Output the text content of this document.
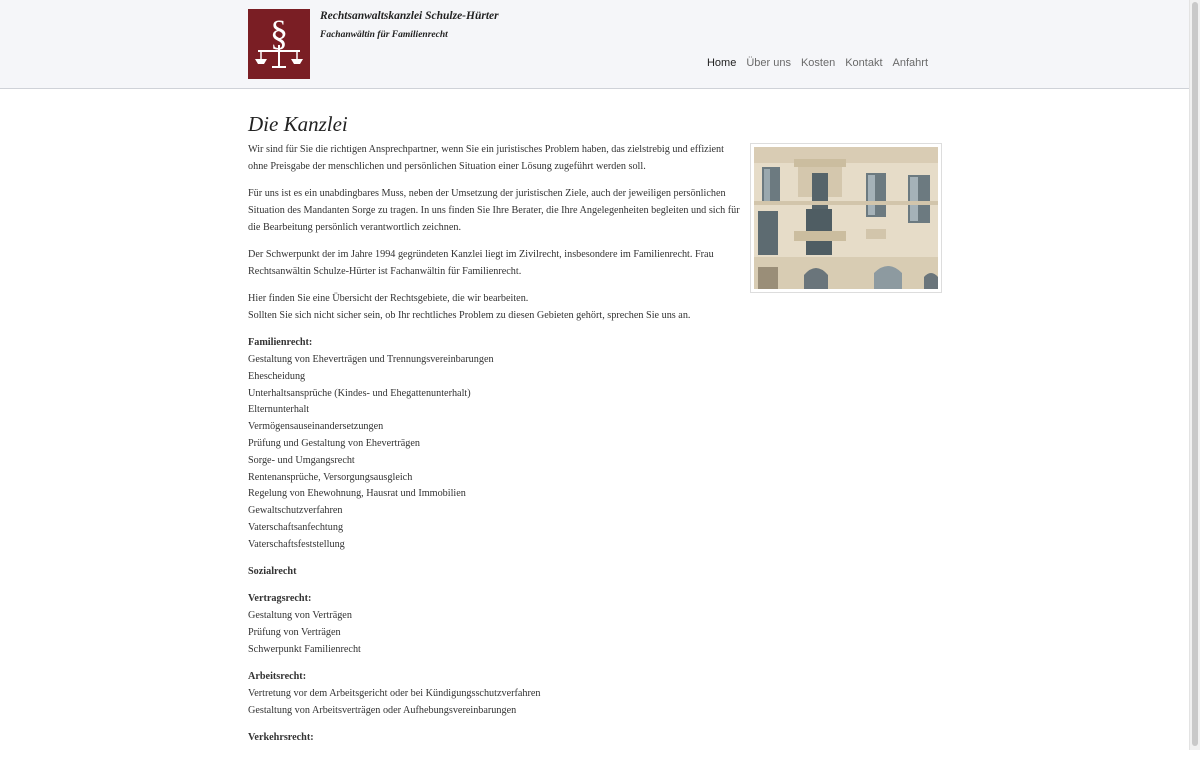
§	Rechtsanwaltskanzlei Schulze-Hürter
Fachanwältin für Familienrecht
Home Über uns Kosten Kontakt Anfahrt
Die Kanzlei

Wir sind für Sie die richtigen Ansprechpartner, wenn Sie ein juristisches Problem haben, das zielstrebig und effizient ohne Preisgabe der menschlichen und persönlichen Situation einer Lösung zugeführt werden soll.

Für uns ist es ein unabdingbares Muss, neben der Umsetzung der juristischen Ziele, auch der jeweiligen persönlichen Situation des Mandanten Sorge zu tragen. In uns finden Sie Ihre Berater, die Ihre Angelegenheiten begleiten und sich für die Bearbeitung persönlich verantwortlich zeichnen.

Der Schwerpunkt der im Jahre 1994 gegründeten Kanzlei liegt im Zivilrecht, insbesondere im Familienrecht. Frau Rechtsanwältin Schulze-Hürter ist Fachanwältin für Familienrecht.

Hier finden Sie eine Übersicht der Rechtsgebiete, die wir bearbeiten.
Sollten Sie sich nicht sicher sein, ob Ihr rechtliches Problem zu diesen Gebieten gehört, sprechen Sie uns an.

Familienrecht:
Gestaltung von Eheverträgen und Trennungsvereinbarungen
Ehescheidung
Unterhaltsansprüche (Kindes- und Ehegattenunterhalt)
Elternunterhalt
Vermögensauseinandersetzungen
Prüfung und Gestaltung von Eheverträgen
Sorge- und Umgangsrecht
Rentenansprüche, Versorgungsausgleich
Regelung von Ehewohnung, Hausrat und Immobilien
Gewaltschutzverfahren
Vaterschaftsanfechtung
Vaterschaftsfeststellung
Sozialrecht
Vertragsrecht:
Gestaltung von Verträgen
Prüfung von Verträgen
Schwerpunkt Familienrecht
Arbeitsrecht:
Vertretung vor dem Arbeitsgericht oder bei Kündigungsschutzverfahren
Gestaltung von Arbeitsverträgen oder Aufhebungsvereinbarungen
Verkehrsrecht:
